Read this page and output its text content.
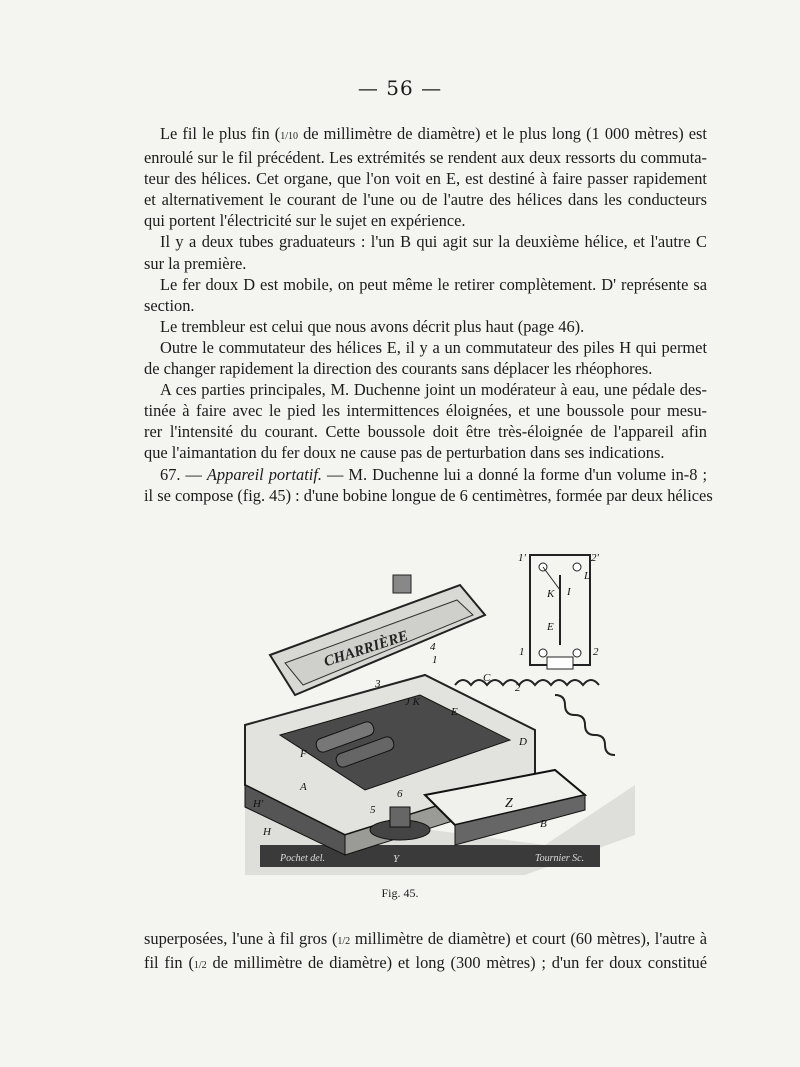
— 56 —
Le fil le plus fin (1/10 de millimètre de diamètre) et le plus long (1 000 mètres) est
enroulé sur le fil précédent. Les extrémités se rendent aux deux ressorts du commuta-
teur des hélices. Cet organe, que l'on voit en E, est destiné à faire passer rapidement
et alternativement le courant de l'une ou de l'autre des hélices dans les conducteurs
qui portent l'électricité sur le sujet en expérience.
Il y a deux tubes graduateurs : l'un B qui agit sur la deuxième hélice, et l'autre C
sur la première.
Le fer doux D est mobile, on peut même le retirer complètement. D' représente sa
section.
Le trembleur est celui que nous avons décrit plus haut (page 46).
Outre le commutateur des hélices E, il y a un commutateur des piles H qui permet
de changer rapidement la direction des courants sans déplacer les rhéophores.
A ces parties principales, M. Duchenne joint un modérateur à eau, une pédale des-
tinée à faire avec le pied les intermittences éloignées, et une boussole pour mesu-
rer l'intensité du courant. Cette boussole doit être très-éloignée de l'appareil afin
que l'aimantation du fer doux ne cause pas de perturbation dans ses indications.
67. — Appareil portatif. — M. Duchenne lui a donné la forme d'un volume in-8 ;
il se compose (fig. 45) : d'une bobine longue de 6 centimètres, formée par deux hélices
CHARRIÈRE
A
B
C
D
E
F
H
H'
J K
Z
Y
1
2
3
4
5
6
1'	2'
1	2
L
I
K
E
Pochet del.	Tournier Sc.
Fig. 45.
superposées, l'une à fil gros (1/2 millimètre de diamètre) et court (60 mètres), l'autre à
fil fin (1/2 de millimètre de diamètre) et long (300 mètres) ; d'un fer doux constitué
